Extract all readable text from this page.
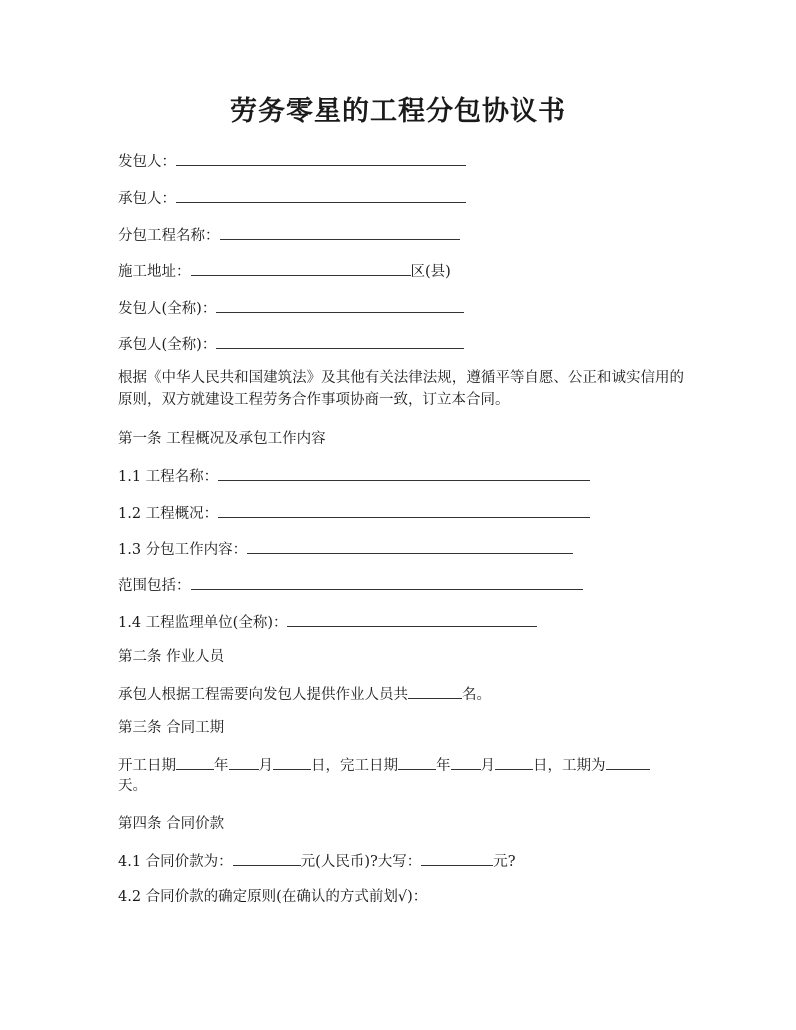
劳务零星的工程分包协议书
发包人：
承包人：
分包工程名称：
施工地址：	区(县)
发包人(全称)：
承包人(全称)：
根据《中华人民共和国建筑法》及其他有关法律法规，遵循平等自愿、公正和诚实信用的原则，双方就建设工程劳务合作事项协商一致，订立本合同。
第一条 工程概况及承包工作内容
1.1 工程名称：
1.2 工程概况：
1.3 分包工作内容：
范围包括：
1.4 工程监理单位(全称)：
第二条 作业人员
承包人根据工程需要向发包人提供作业人员共	名。
第三条 合同工期
开工日期	年 月	日，完工日期	年 月	日，工期为
天。
第四条 合同价款
4.1 合同价款为：	元(人民币)?大写：	元?
4.2 合同价款的确定原则(在确认的方式前划√)：
